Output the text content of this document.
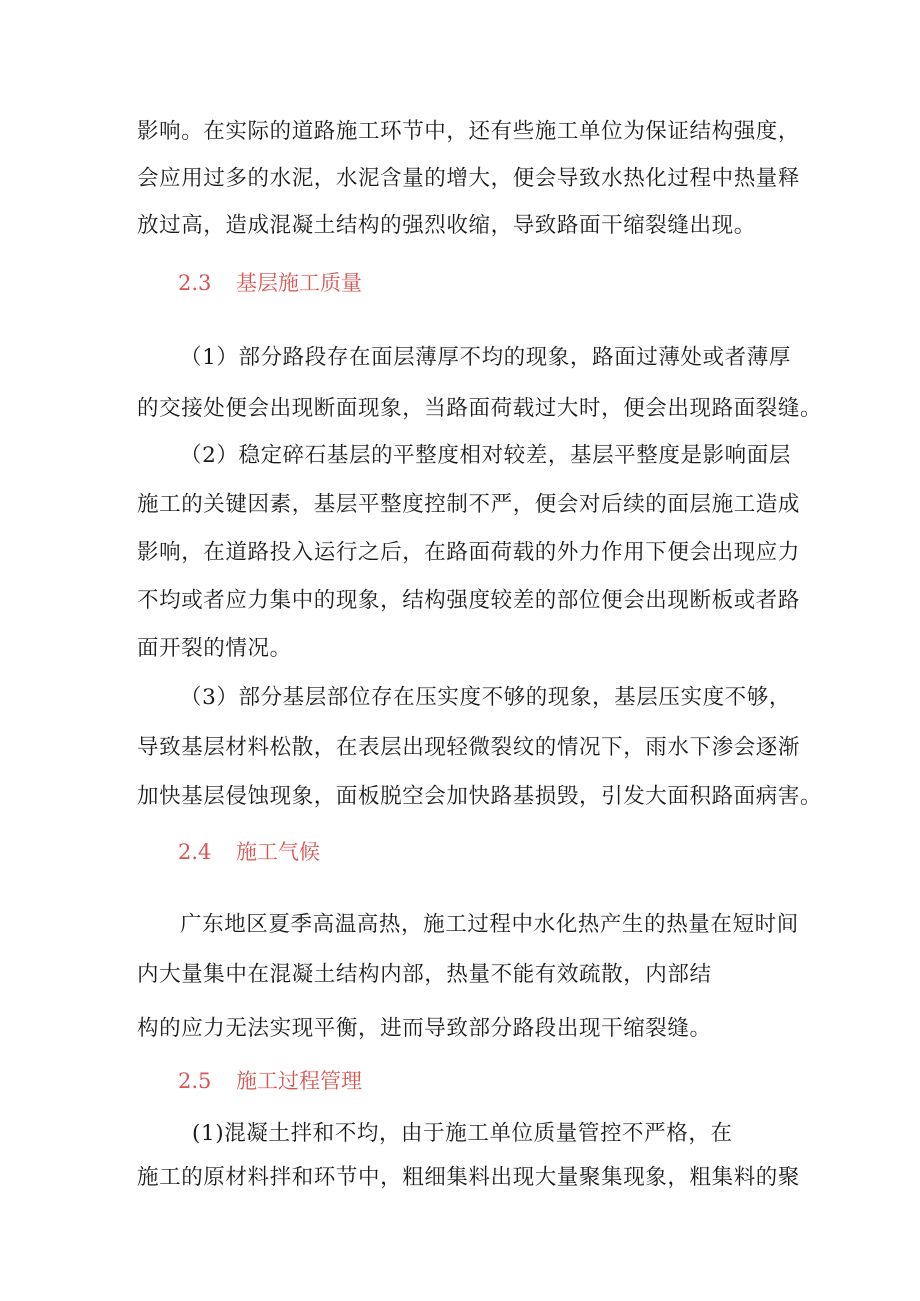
影响。在实际的道路施工环节中，还有些施工单位为保证结构强度，
会应用过多的水泥，水泥含量的增大，便会导致水热化过程中热量释
放过高，造成混凝土结构的强烈收缩，导致路面干缩裂缝出现。
2.3 基层施工质量
（1）部分路段存在面层薄厚不均的现象，路面过薄处或者薄厚
的交接处便会出现断面现象，当路面荷载过大时，便会出现路面裂缝。
（2）稳定碎石基层的平整度相对较差，基层平整度是影响面层
施工的关键因素，基层平整度控制不严，便会对后续的面层施工造成
影响，在道路投入运行之后，在路面荷载的外力作用下便会出现应力
不均或者应力集中的现象，结构强度较差的部位便会出现断板或者路
面开裂的情况。
（3）部分基层部位存在压实度不够的现象，基层压实度不够，
导致基层材料松散，在表层出现轻微裂纹的情况下，雨水下渗会逐渐
加快基层侵蚀现象，面板脱空会加快路基损毁，引发大面积路面病害。
2.4 施工气候
广东地区夏季高温高热，施工过程中水化热产生的热量在短时间
内大量集中在混凝土结构内部，热量不能有效疏散，内部结
构的应力无法实现平衡，进而导致部分路段出现干缩裂缝。
2.5 施工过程管理
(1)混凝土拌和不均，由于施工单位质量管控不严格，在
施工的原材料拌和环节中，粗细集料出现大量聚集现象，粗集料的聚
